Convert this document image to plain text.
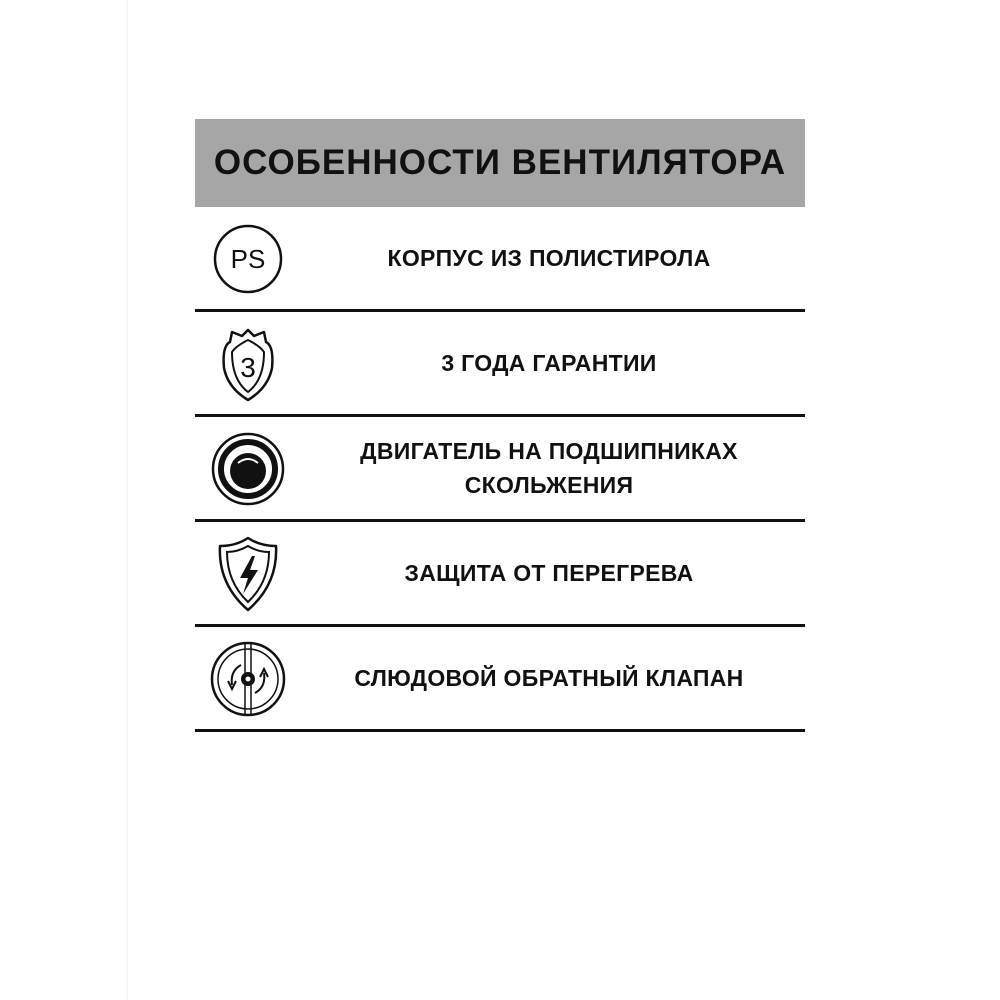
ОСОБЕННОСТИ ВЕНТИЛЯТОРА
PS	КОРПУС ИЗ ПОЛИСТИРОЛА
3	3 ГОДА ГАРАНТИИ
ДВИГАТЕЛЬ НА ПОДШИПНИКАХ
СКОЛЬЖЕНИЯ
ЗАЩИТА ОТ ПЕРЕГРЕВА
СЛЮДОВОЙ ОБРАТНЫЙ КЛАПАН
